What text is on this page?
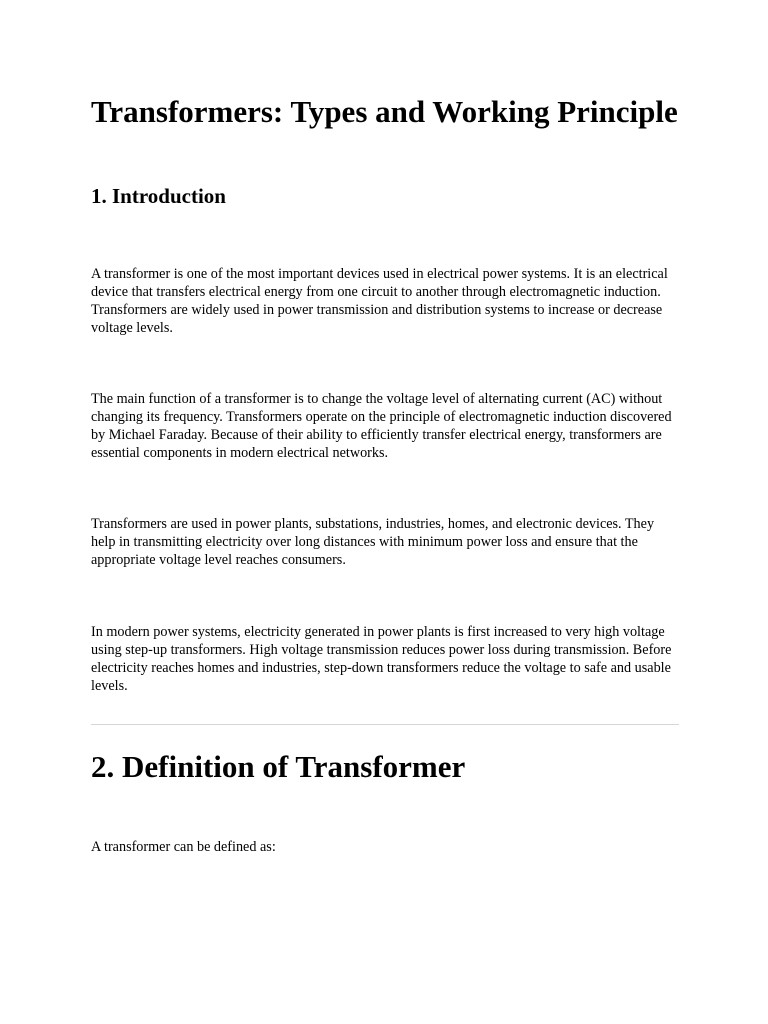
Transformers: Types and Working Principle
1. Introduction

A transformer is one of the most important devices used in electrical power systems. It is an electrical device that transfers electrical energy from one circuit to another through electromagnetic induction. Transformers are widely used in power transmission and distribution systems to increase or decrease voltage levels.

The main function of a transformer is to change the voltage level of alternating current (AC) without changing its frequency. Transformers operate on the principle of electromagnetic induction discovered by Michael Faraday. Because of their ability to efficiently transfer electrical energy, transformers are essential components in modern electrical networks.

Transformers are used in power plants, substations, industries, homes, and electronic devices. They help in transmitting electricity over long distances with minimum power loss and ensure that the appropriate voltage level reaches consumers.

In modern power systems, electricity generated in power plants is first increased to very high voltage using step-up transformers. High voltage transmission reduces power loss during transmission. Before electricity reaches homes and industries, step-down transformers reduce the voltage to safe and usable levels.

2. Definition of Transformer

A transformer can be defined as:
